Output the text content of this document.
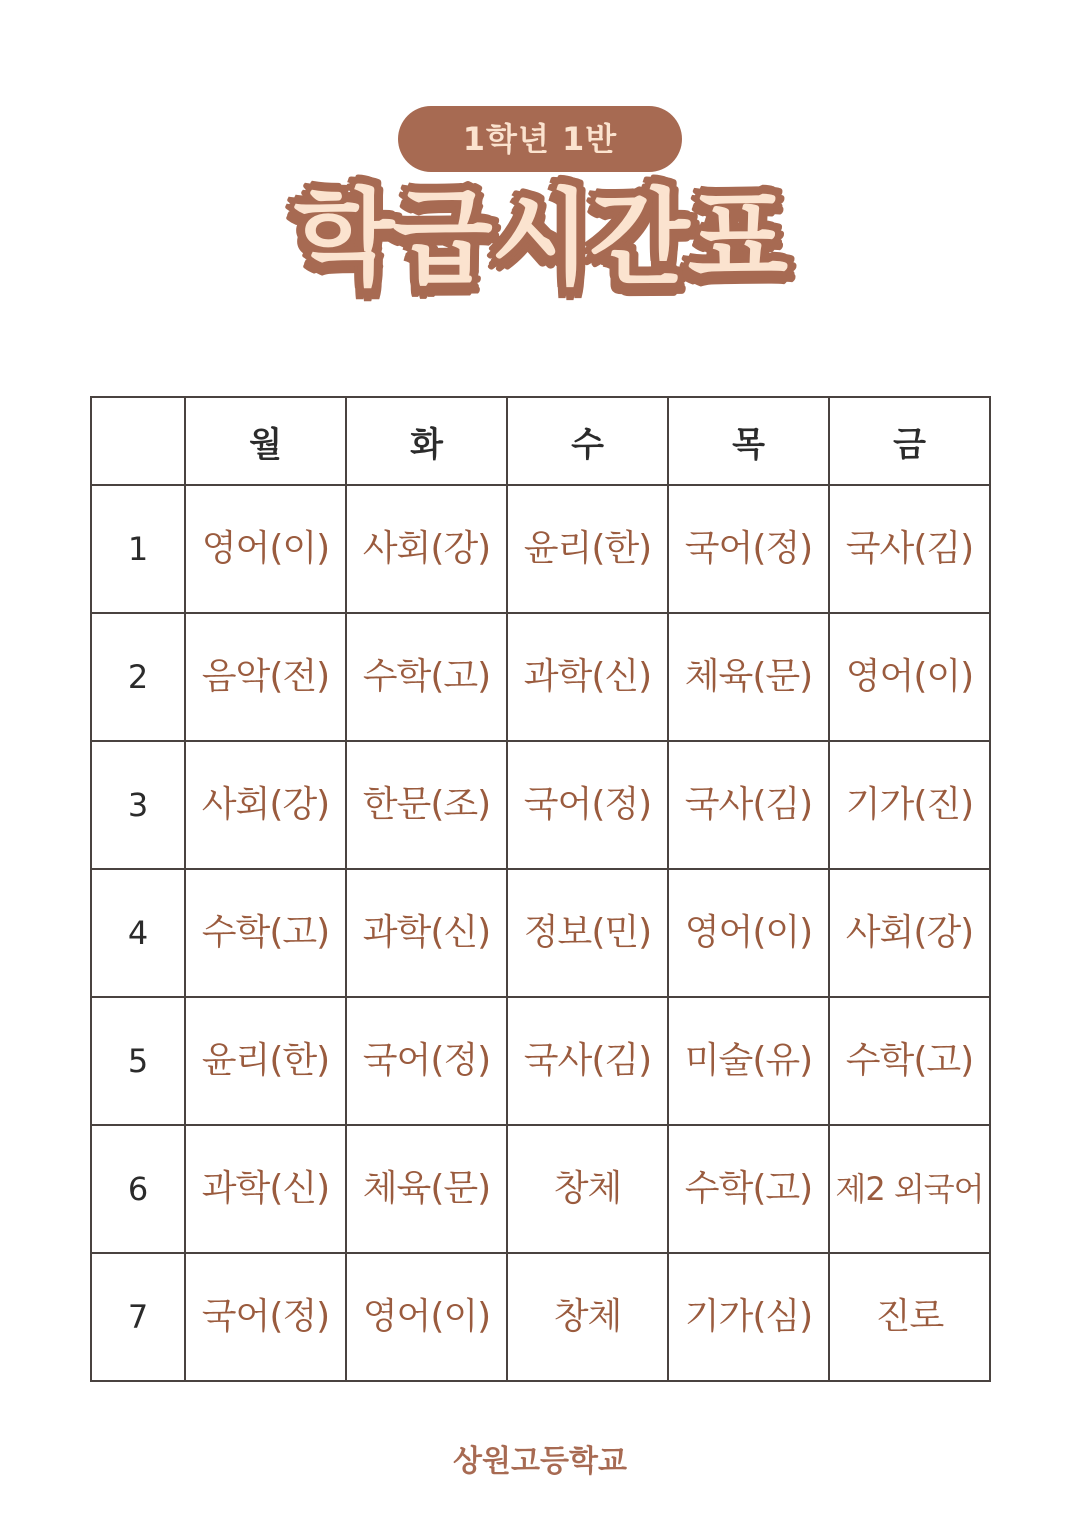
1학년 1반
학급시간표
	월	화	수	목	금
1	영어(이)	사회(강)	윤리(한)	국어(정)	국사(김)
2	음악(전)	수학(고)	과학(신)	체육(문)	영어(이)
3	사회(강)	한문(조)	국어(정)	국사(김)	기가(진)
4	수학(고)	과학(신)	정보(민)	영어(이)	사회(강)
5	윤리(한)	국어(정)	국사(김)	미술(유)	수학(고)
6	과학(신)	체육(문)	창체	수학(고)	제2 외국어
7	국어(정)	영어(이)	창체	기가(심)	진로
상원고등학교
